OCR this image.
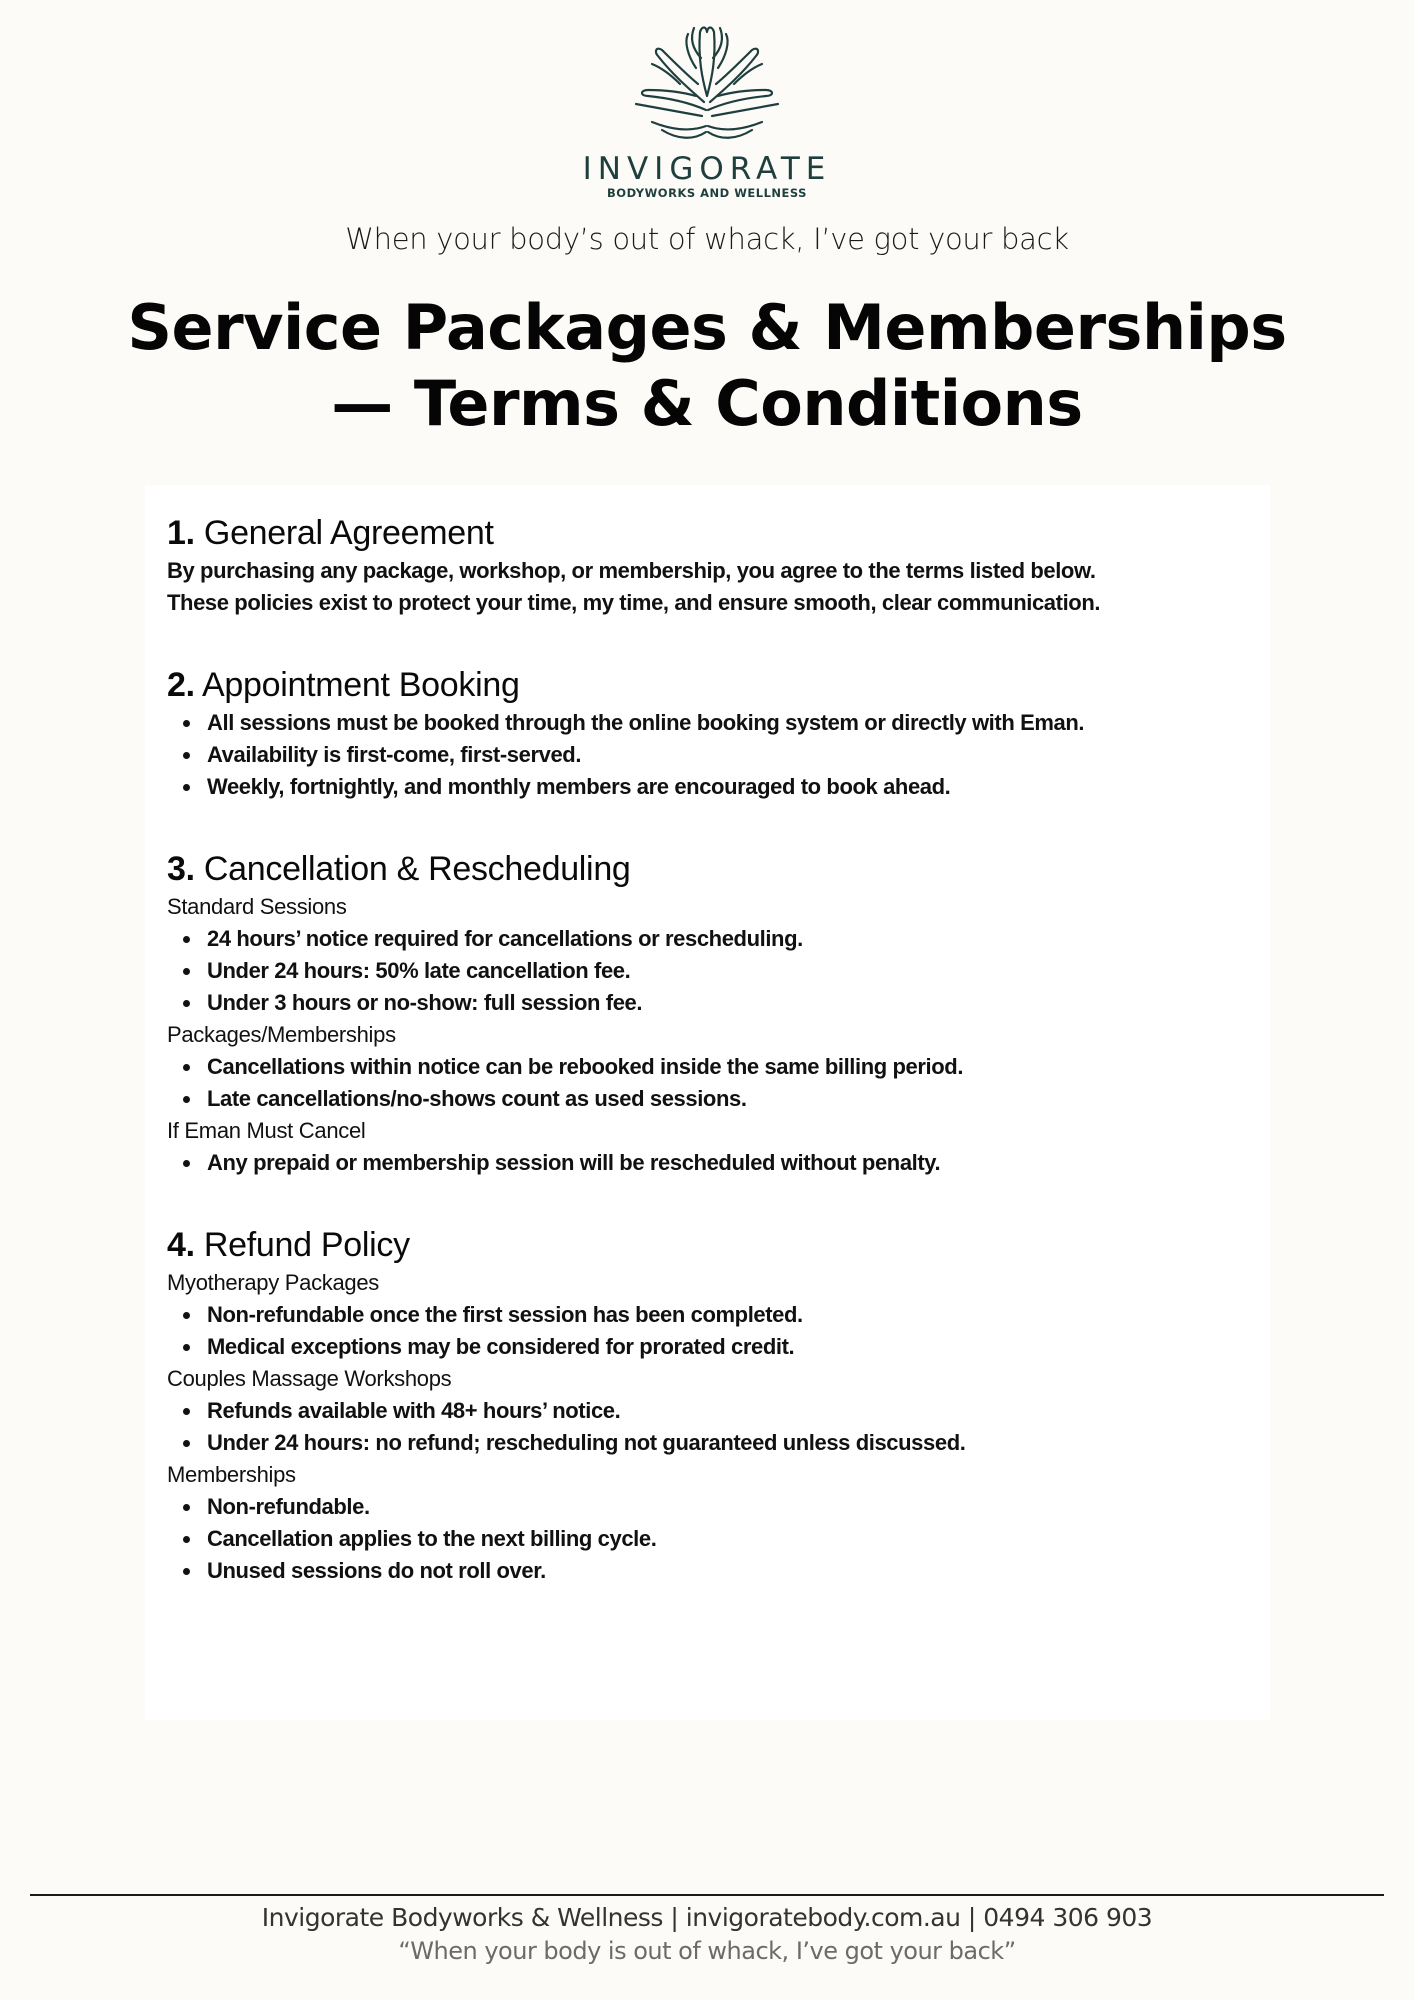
INVIGORATE
BODYWORKS AND WELLNESS
When your body’s out of whack, I’ve got your back
Service Packages & Memberships
— Terms & Conditions
1. General Agreement

By purchasing any package, workshop, or membership, you agree to the terms listed below.

These policies exist to protect your time, my time, and ensure smooth, clear communication.

2. Appointment Booking
All sessions must be booked through the online booking system or directly with Eman.
Availability is first-come, first-served.
Weekly, fortnightly, and monthly members are encouraged to book ahead.
3. Cancellation & Rescheduling

Standard Sessions

24 hours’ notice required for cancellations or rescheduling.
Under 24 hours: 50% late cancellation fee.
Under 3 hours or no-show: full session fee.

Packages/Memberships

Cancellations within notice can be rebooked inside the same billing period.
Late cancellations/no-shows count as used sessions.

If Eman Must Cancel

Any prepaid or membership session will be rescheduled without penalty.
4. Refund Policy

Myotherapy Packages

Non-refundable once the first session has been completed.
Medical exceptions may be considered for prorated credit.

Couples Massage Workshops

Refunds available with 48+ hours’ notice.
Under 24 hours: no refund; rescheduling not guaranteed unless discussed.

Memberships

Non-refundable.
Cancellation applies to the next billing cycle.
Unused sessions do not roll over.
Invigorate Bodyworks & Wellness | invigoratebody.com.au | 0494 306 903
“When your body is out of whack, I’ve got your back”
